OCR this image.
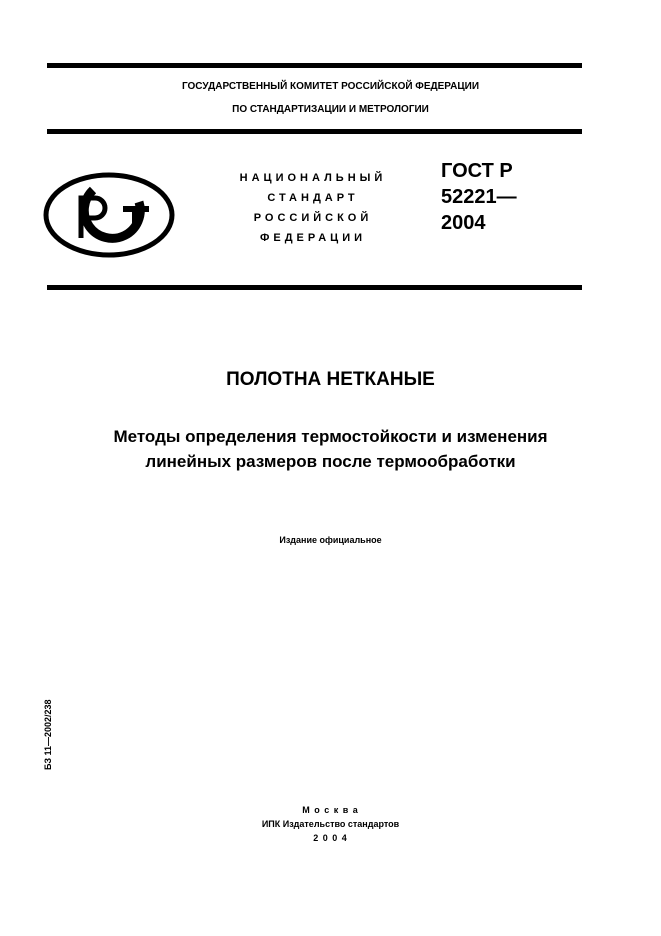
ГОСУДАРСТВЕННЫЙ КОМИТЕТ РОССИЙСКОЙ ФЕДЕРАЦИИ
ПО СТАНДАРТИЗАЦИИ И МЕТРОЛОГИИ
НАЦИОНАЛЬНЫЙ
СТАНДАРТ
РОССИЙСКОЙ
ФЕДЕРАЦИИ
ГОСТ Р
52221—
2004
ПОЛОТНА НЕТКАНЫЕ
Методы определения термостойкости и изменения
линейных размеров после термообработки
Издание официальное
БЗ 11—2002/238
М о с к в а
ИПК Издательство стандартов
2 0 0 4
